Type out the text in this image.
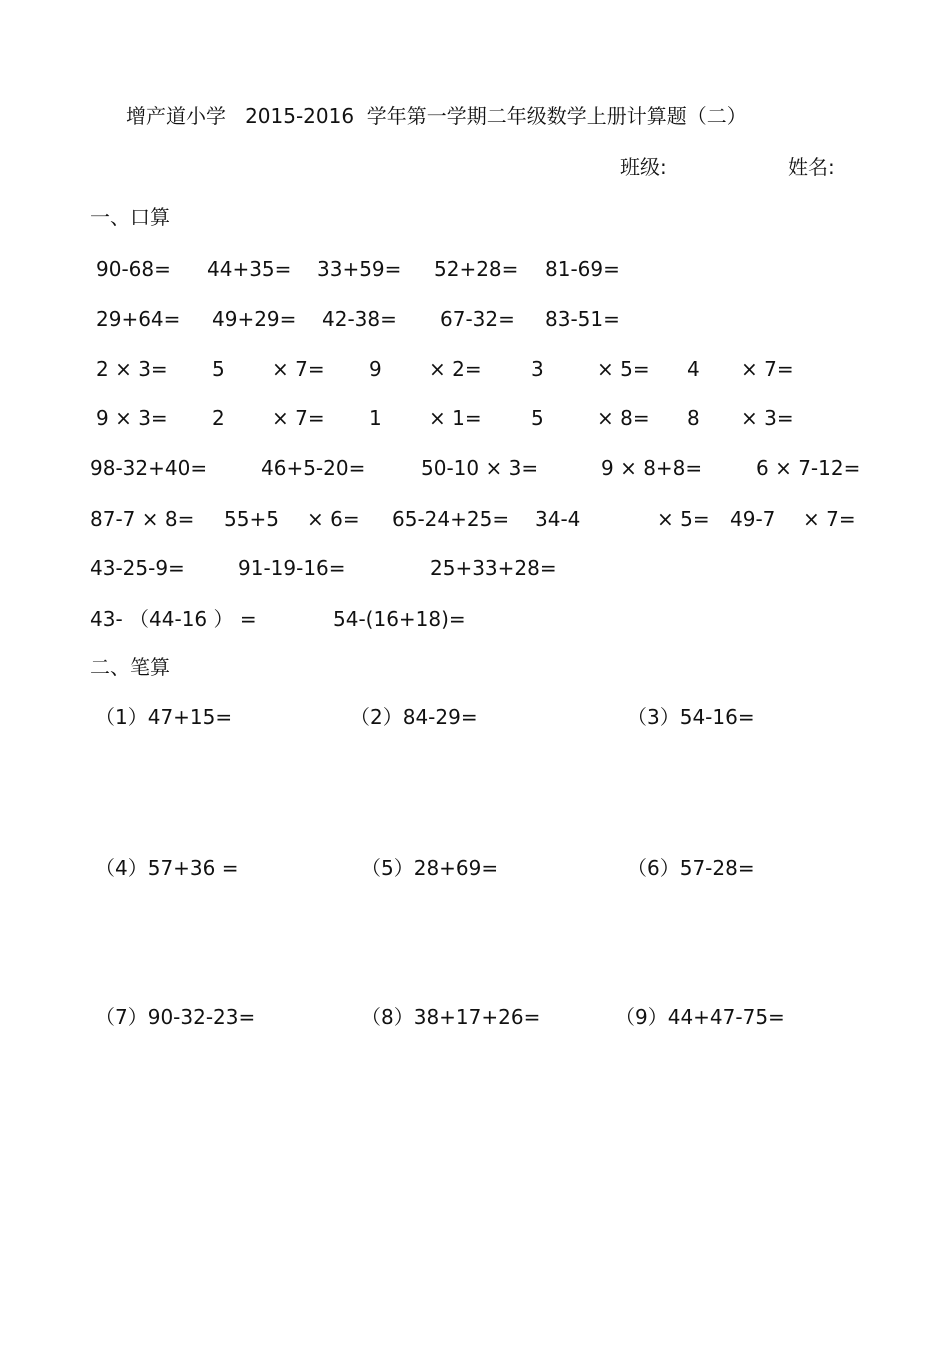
增产道小学   2015-2016  学年第一学期二年级数学上册计算题（二）
班级:	姓名:
一、口算
90-68= 44+35= 33+59= 52+28= 81-69=
29+64= 49+29= 42-38= 67-32= 83-51=
2 × 3= 5 × 7= 9 × 2= 3	× 5= 4 × 7=
9 × 3= 2 × 7= 1 × 1= 5	× 8= 8 × 3=
98-32+40=	46+5-20=	50-10 × 3=	9 × 8+8=	6 × 7-12=
87-7 × 8= 55+5 × 6= 65-24+25= 34-4	× 5= 49-7 × 7=
43-25-9=	91-19-16=	25+33+28=
43- （44-16 ） =	54-(16+18)=
二、笔算
（1）47+15=	（2）84-29=	（3）54-16=
（4）57+36 =	（5）28+69=	（6）57-28=
（7）90-32-23=	（8）38+17+26=	（9）44+47-75=
